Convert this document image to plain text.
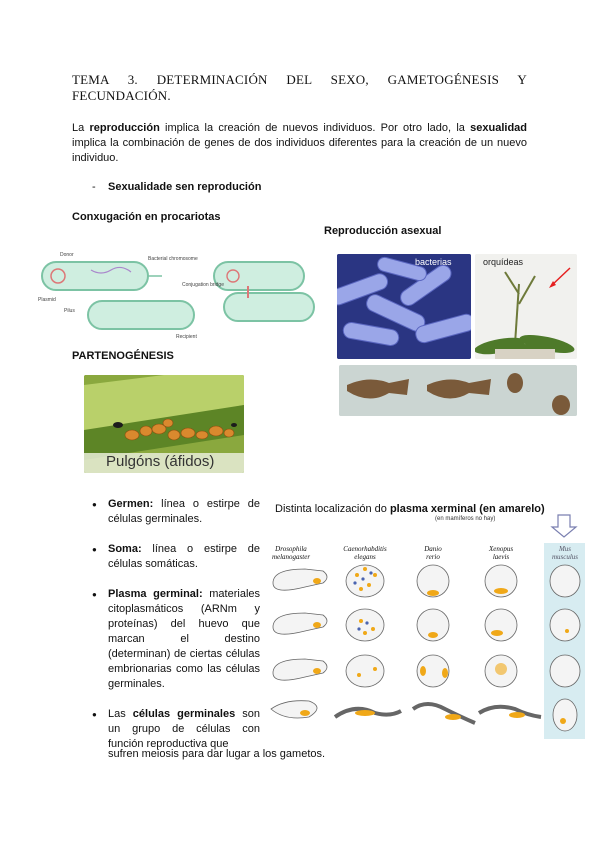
TEMA 3. DETERMINACIÓN DEL SEXO, GAMETOGÉNESIS Y FECUNDACIÓN.
La reproducción implica la creación de nuevos individuos. Por otro lado, la sexualidad implica la combinación de genes de dos individuos diferentes para la creación de un nuevo individuo.
- Sexualidade sen reprodución
Conxugación en procariotas
Reproducción asexual
Donor
Bacterial chromosome
Plasmid
Pilus
Conjugation bridge
Recipient
bacterias	orquídeas
PARTENOGÉNESIS
Pulgóns (áfidos)
Distinta localización do plasma xerminal (en amarelo)
(en mamíferos no hay)
Drosophila melanogaster
Caenorhabditis elegans
Danio rerio
Xenopus laevis
Mus musculus
● Germen: línea o estirpe de células germinales.
● Soma: línea o estirpe de células somáticas.
● Plasma germinal: materiales citoplasmáticos (ARNm y proteínas) del huevo que marcan el destino (determinan) de ciertas células embrionarias como las células germinales.
● Las células germinales son un grupo de células con función reproductiva que
sufren meiosis para dar lugar a los gametos.
